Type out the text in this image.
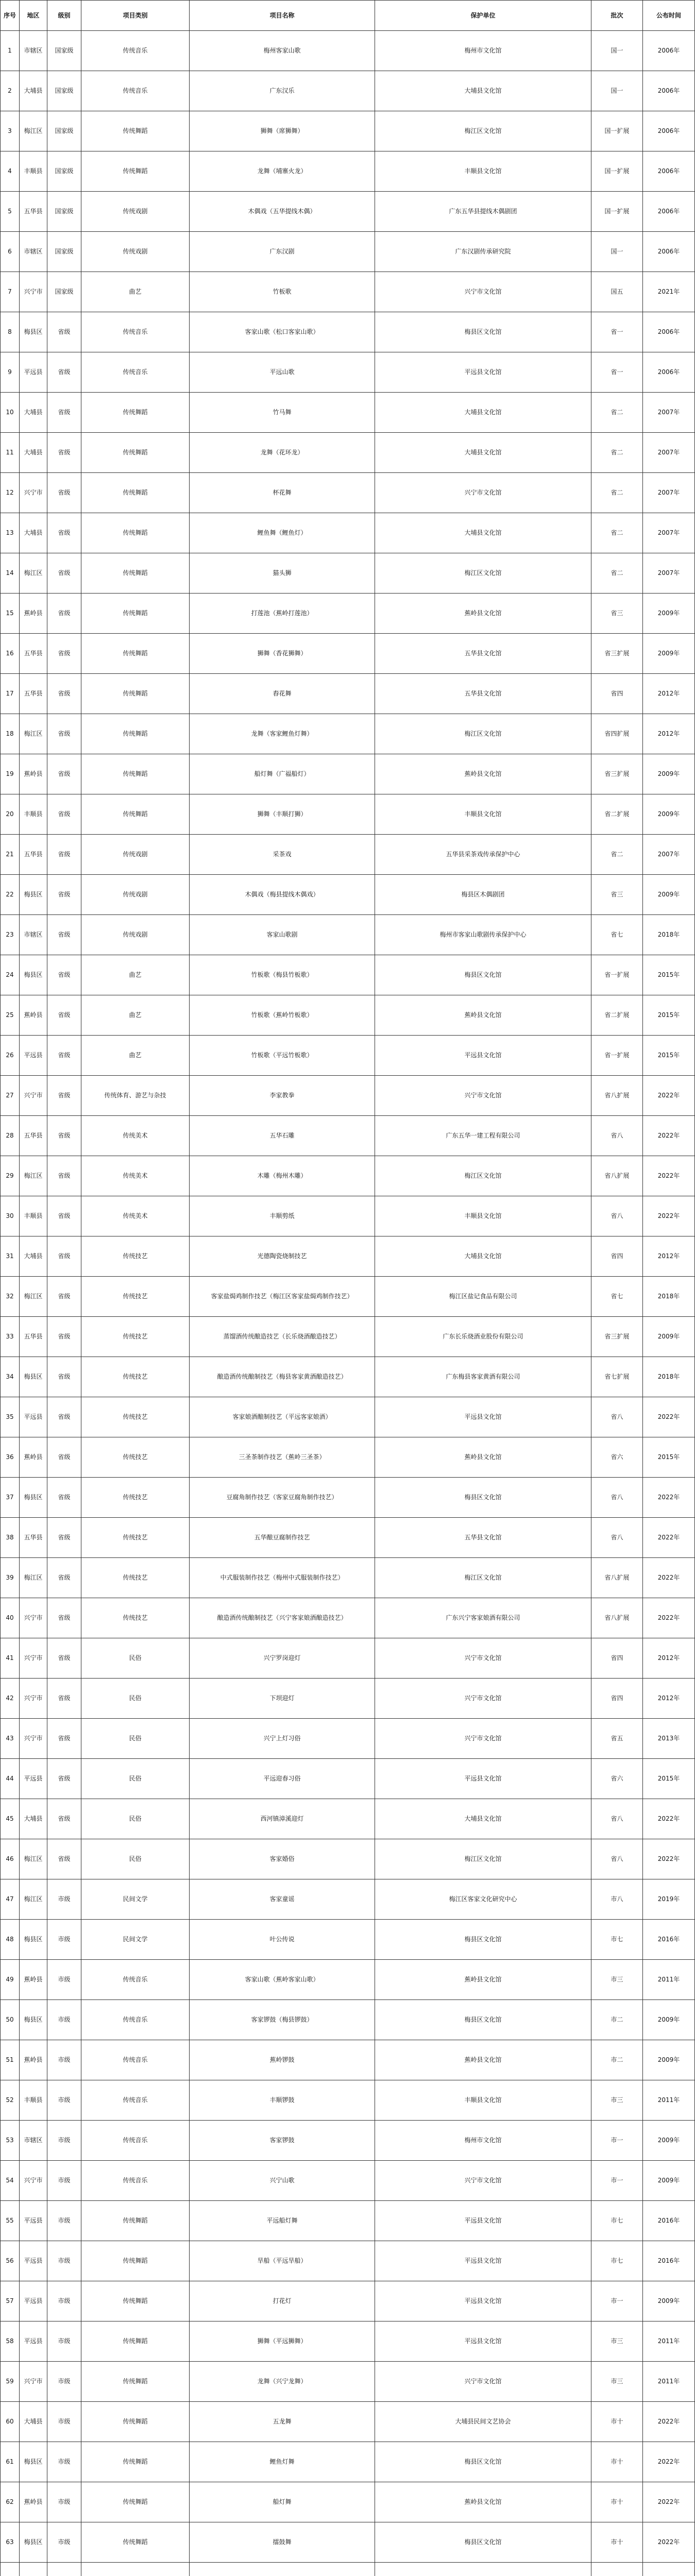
序号	地区	级别	项目类别	项目名称	保护单位	批次	公布时间
1	市辖区	国家级	传统音乐	梅州客家山歌	梅州市文化馆	国一	2006年
2	大埔县	国家级	传统音乐	广东汉乐	大埔县文化馆	国一	2006年
3	梅江区	国家级	传统舞蹈	狮舞（席狮舞）	梅江区文化馆	国一扩展	2006年
4	丰顺县	国家级	传统舞蹈	龙舞（埔寨火龙）	丰顺县文化馆	国一扩展	2006年
5	五华县	国家级	传统戏剧	木偶戏（五华提线木偶）	广东五华县提线木偶剧团	国一扩展	2006年
6	市辖区	国家级	传统戏剧	广东汉剧	广东汉剧传承研究院	国一	2006年
7	兴宁市	国家级	曲艺	竹板歌	兴宁市文化馆	国五	2021年
8	梅县区	省级	传统音乐	客家山歌（松口客家山歌）	梅县区文化馆	省一	2006年
9	平远县	省级	传统音乐	平远山歌	平远县文化馆	省一	2006年
10	大埔县	省级	传统舞蹈	竹马舞	大埔县文化馆	省二	2007年
11	大埔县	省级	传统舞蹈	龙舞（花环龙）	大埔县文化馆	省二	2007年
12	兴宁市	省级	传统舞蹈	杯花舞	兴宁市文化馆	省二	2007年
13	大埔县	省级	传统舞蹈	鲤鱼舞（鲤鱼灯）	大埔县文化馆	省二	2007年
14	梅江区	省级	传统舞蹈	猫头狮	梅江区文化馆	省二	2007年
15	蕉岭县	省级	传统舞蹈	打莲池（蕉岭打莲池）	蕉岭县文化馆	省三	2009年
16	五华县	省级	传统舞蹈	狮舞（香花狮舞）	五华县文化馆	省三扩展	2009年
17	五华县	省级	传统舞蹈	舂花舞	五华县文化馆	省四	2012年
18	梅江区	省级	传统舞蹈	龙舞（客家鲤鱼灯舞）	梅江区文化馆	省四扩展	2012年
19	蕉岭县	省级	传统舞蹈	船灯舞（广福船灯）	蕉岭县文化馆	省三扩展	2009年
20	丰顺县	省级	传统舞蹈	狮舞（丰顺打狮）	丰顺县文化馆	省二扩展	2009年
21	五华县	省级	传统戏剧	采茶戏	五华县采茶戏传承保护中心	省二	2007年
22	梅县区	省级	传统戏剧	木偶戏（梅县提线木偶戏）	梅县区木偶剧团	省三	2009年
23	市辖区	省级	传统戏剧	客家山歌剧	梅州市客家山歌剧传承保护中心	省七	2018年
24	梅县区	省级	曲艺	竹板歌（梅县竹板歌）	梅县区文化馆	省一扩展	2015年
25	蕉岭县	省级	曲艺	竹板歌（蕉岭竹板歌）	蕉岭县文化馆	省二扩展	2015年
26	平远县	省级	曲艺	竹板歌（平远竹板歌）	平远县文化馆	省一扩展	2015年
27	兴宁市	省级	传统体育、游艺与杂技	李家教拳	兴宁市文化馆	省八扩展	2022年
28	五华县	省级	传统美术	五华石雕	广东五华一建工程有限公司	省八	2022年
29	梅江区	省级	传统美术	木雕（梅州木雕）	梅江区文化馆	省八扩展	2022年
30	丰顺县	省级	传统美术	丰顺剪纸	丰顺县文化馆	省八	2022年
31	大埔县	省级	传统技艺	光德陶瓷烧制技艺	大埔县文化馆	省四	2012年
32	梅江区	省级	传统技艺	客家盐焗鸡制作技艺（梅江区客家盐焗鸡制作技艺）	梅江区盐记食品有限公司	省七	2018年
33	五华县	省级	传统技艺	蒸馏酒传统酿造技艺（长乐烧酒酿造技艺）	广东长乐烧酒业股份有限公司	省三扩展	2009年
34	梅县区	省级	传统技艺	酿造酒传统酿制技艺（梅县客家黄酒酿造技艺）	广东梅县客家黄酒有限公司	省七扩展	2018年
35	平远县	省级	传统技艺	客家娘酒酿制技艺（平远客家娘酒）	平远县文化馆	省八	2022年
36	蕉岭县	省级	传统技艺	三圣茶制作技艺（蕉岭三圣茶）	蕉岭县文化馆	省六	2015年
37	梅县区	省级	传统技艺	豆腐角制作技艺（客家豆腐角制作技艺）	梅县区文化馆	省八	2022年
38	五华县	省级	传统技艺	五华酿豆腐制作技艺	五华县文化馆	省八	2022年
39	梅江区	省级	传统技艺	中式服装制作技艺（梅州中式服装制作技艺）	梅江区文化馆	省八扩展	2022年
40	兴宁市	省级	传统技艺	酿造酒传统酿制技艺（兴宁客家娘酒酿造技艺）	广东兴宁客家娘酒有限公司	省八扩展	2022年
41	兴宁市	省级	民俗	兴宁罗岗迎灯	兴宁市文化馆	省四	2012年
42	兴宁市	省级	民俗	下坝迎灯	兴宁市文化馆	省四	2012年
43	兴宁市	省级	民俗	兴宁上灯习俗	兴宁市文化馆	省五	2013年
44	平远县	省级	民俗	平远迎春习俗	平远县文化馆	省六	2015年
45	大埔县	省级	民俗	西河镇漳溪迎灯	大埔县文化馆	省八	2022年
46	梅江区	省级	民俗	客家婚俗	梅江区文化馆	省八	2022年
47	梅江区	市级	民间文学	客家童谣	梅江区客家文化研究中心	市八	2019年
48	梅县区	市级	民间文学	叶公传说	梅县区文化馆	市七	2016年
49	蕉岭县	市级	传统音乐	客家山歌（蕉岭客家山歌）	蕉岭县文化馆	市三	2011年
50	梅县区	市级	传统音乐	客家锣鼓（梅县锣鼓）	梅县区文化馆	市二	2009年
51	蕉岭县	市级	传统音乐	蕉岭锣鼓	蕉岭县文化馆	市二	2009年
52	丰顺县	市级	传统音乐	丰顺锣鼓	丰顺县文化馆	市三	2011年
53	市辖区	市级	传统音乐	客家锣鼓	梅州市文化馆	市一	2009年
54	兴宁市	市级	传统音乐	兴宁山歌	兴宁市文化馆	市一	2009年
55	平远县	市级	传统舞蹈	平远船灯舞	平远县文化馆	市七	2016年
56	平远县	市级	传统舞蹈	旱船（平远旱船）	平远县文化馆	市七	2016年
57	平远县	市级	传统舞蹈	打花灯	平远县文化馆	市一	2009年
58	平远县	市级	传统舞蹈	狮舞（平远狮舞）	平远县文化馆	市三	2011年
59	兴宁市	市级	传统舞蹈	龙舞（兴宁龙舞）	兴宁市文化馆	市三	2011年
60	大埔县	市级	传统舞蹈	五龙舞	大埔县民间文艺协会	市十	2022年
61	梅县区	市级	传统舞蹈	鲤鱼灯舞	梅县区文化馆	市十	2022年
62	蕉岭县	市级	传统舞蹈	船灯舞	蕉岭县文化馆	市十	2022年
63	梅县区	市级	传统舞蹈	擂鼓舞	梅县区文化馆	市十	2022年
